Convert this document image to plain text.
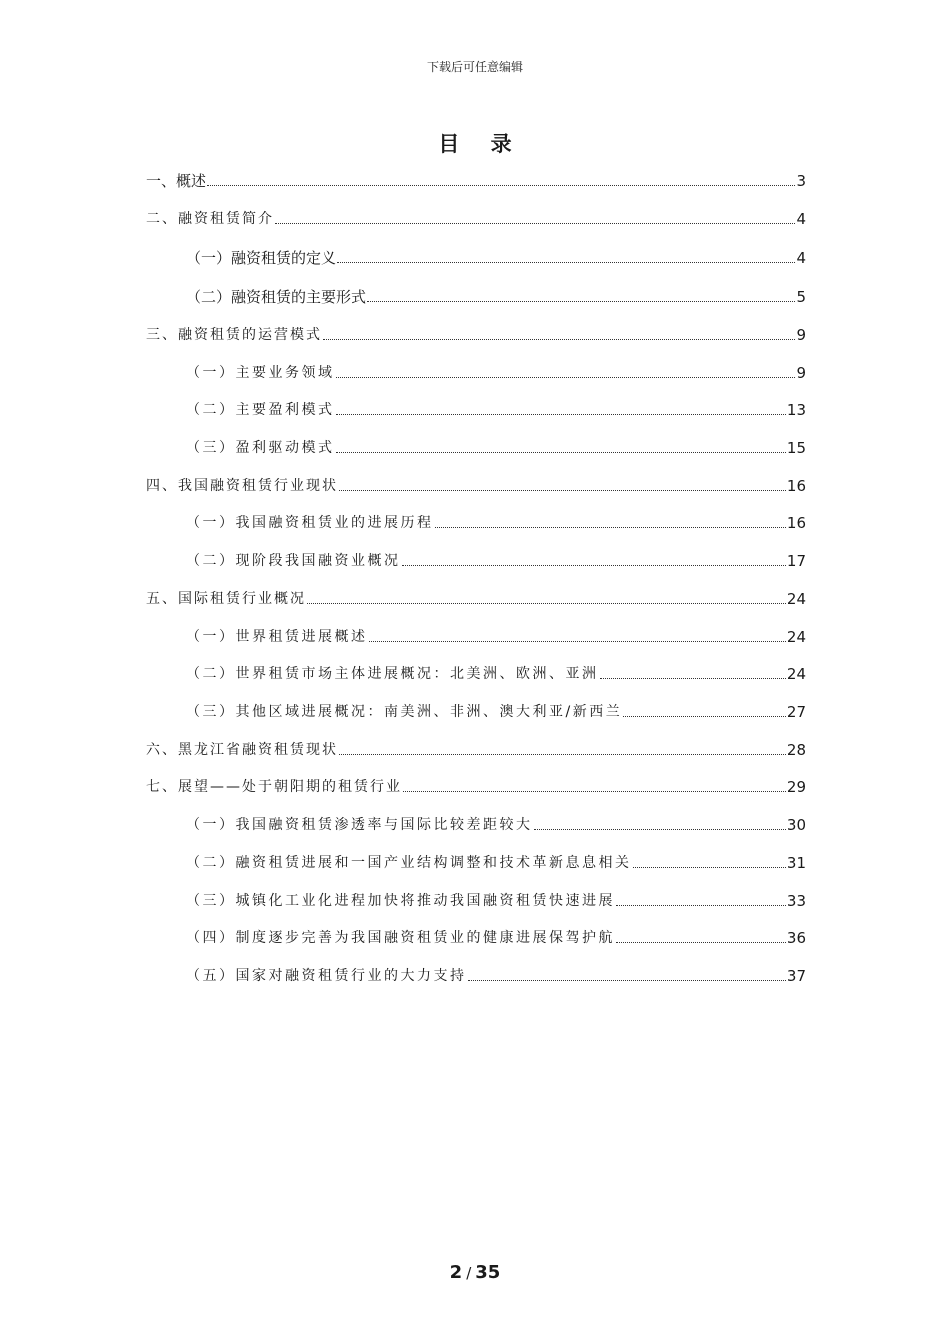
下载后可任意编辑
目 录
一、概述	3
二、融资租赁简介	4
（一）融资租赁的定义	4
（二）融资租赁的主要形式	5
三、融资租赁的运营模式	9
（一）主要业务领域	9
（二）主要盈利模式	13
（三）盈利驱动模式	15
四、我国融资租赁行业现状	16
（一）我国融资租赁业的进展历程	16
（二）现阶段我国融资业概况	17
五、国际租赁行业概况	24
（一）世界租赁进展概述	24
（二）世界租赁市场主体进展概况：北美洲、欧洲、亚洲	24
（三）其他区域进展概况：南美洲、非洲、澳大利亚/新西兰	27
六、黑龙江省融资租赁现状	28
七、展望——处于朝阳期的租赁行业	29
（一）我国融资租赁渗透率与国际比较差距较大	30
（二）融资租赁进展和一国产业结构调整和技术革新息息相关	31
（三）城镇化工业化进程加快将推动我国融资租赁快速进展	33
（四）制度逐步完善为我国融资租赁业的健康进展保驾护航	36
（五）国家对融资租赁行业的大力支持	37
2 / 35
